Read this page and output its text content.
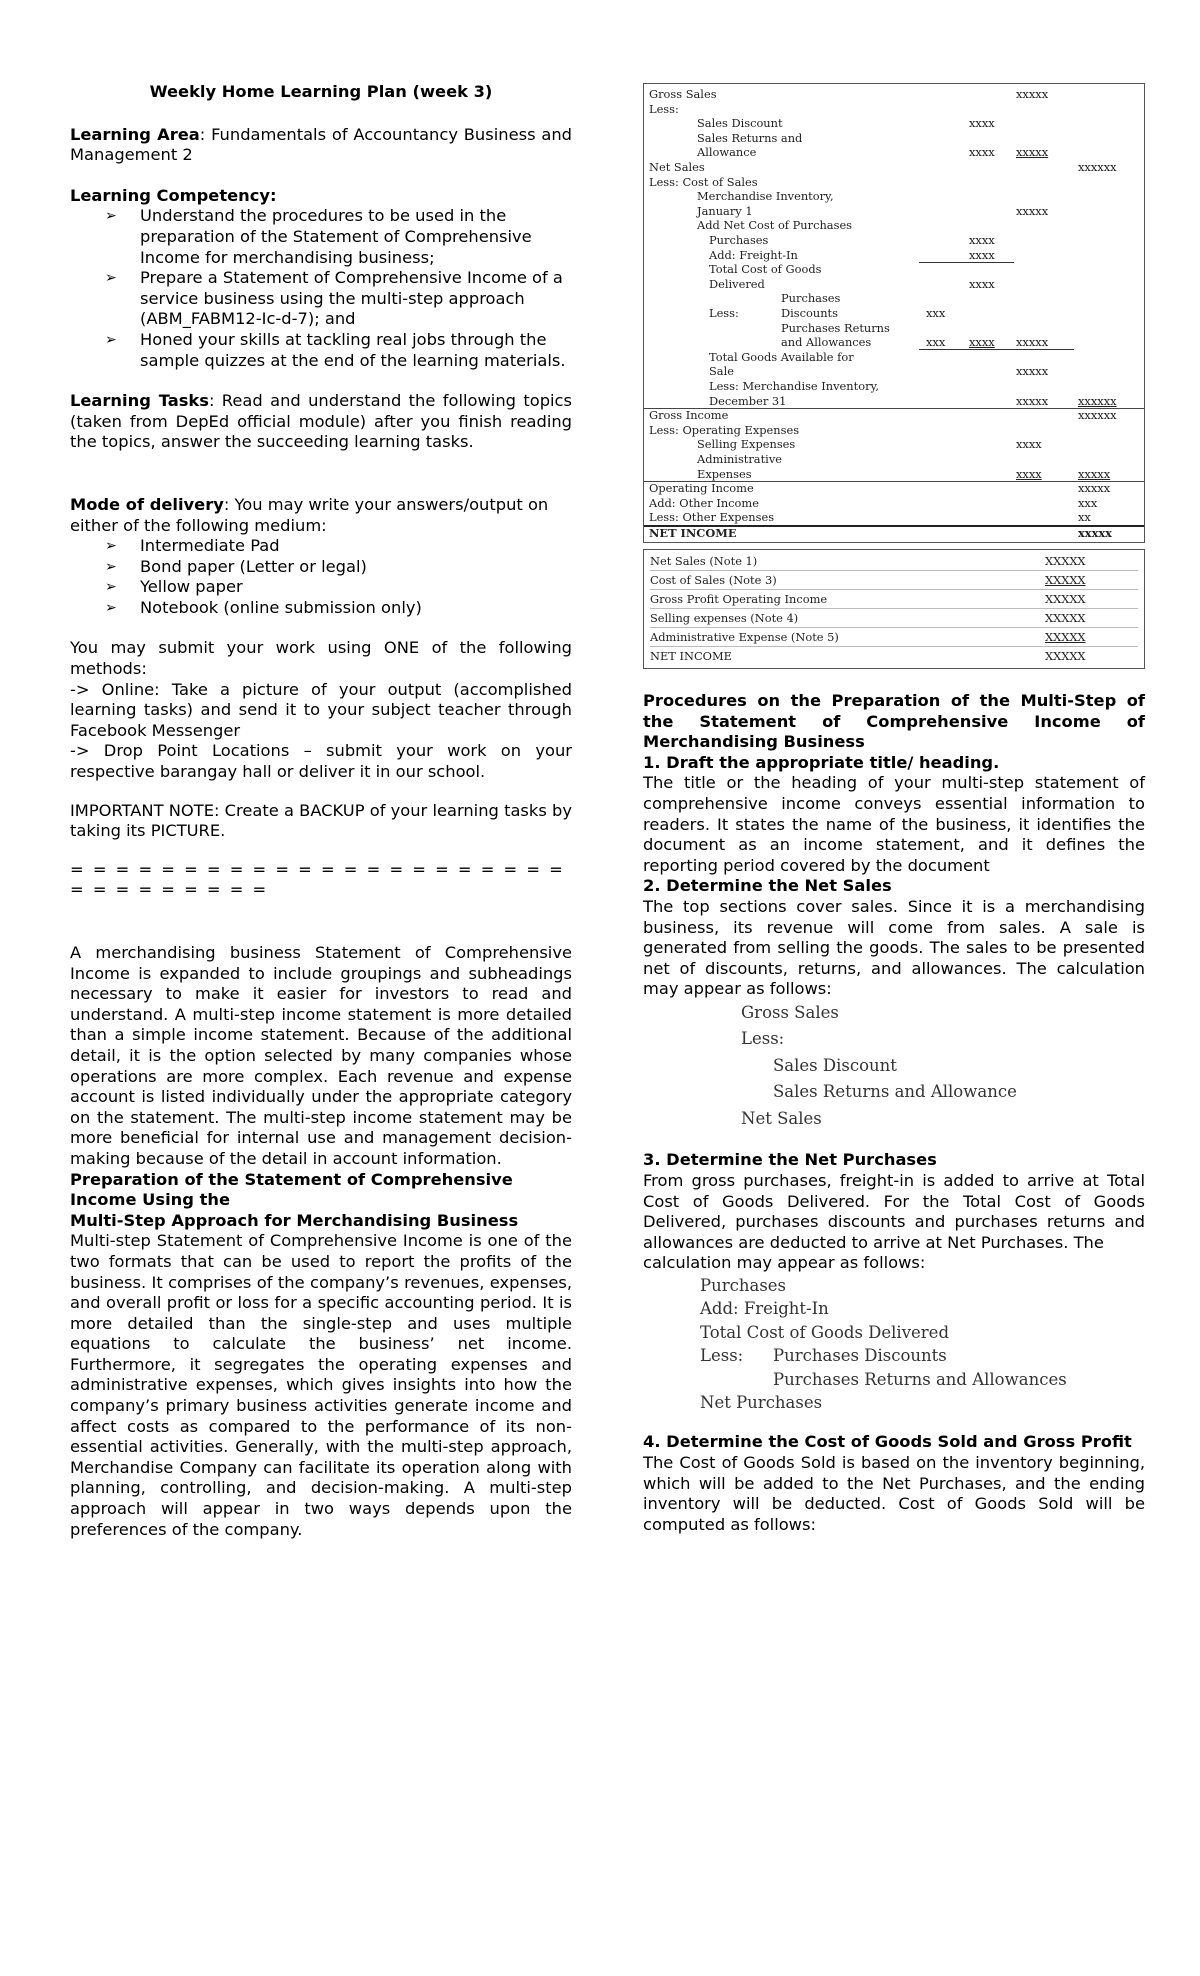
Weekly Home Learning Plan (week 3)

Learning Area: Fundamentals of Accountancy Business and Management 2

Learning Competency:
➢ Understand the procedures to be used in the preparation of the Statement of Comprehensive Income for merchandising business;
➢ Prepare a Statement of Comprehensive Income of a service business using the multi-step approach (ABM_FABM12-Ic-d-7); and
➢ Honed your skills at tackling real jobs through the sample quizzes at the end of the learning materials.

Learning Tasks: Read and understand the following topics (taken from DepEd official module) after you finish reading the topics, answer the succeeding learning tasks.

Mode of delivery: You may write your answers/output on either of the following medium:

➢ Intermediate Pad
➢ Bond paper (Letter or legal)
➢ Yellow paper
➢ Notebook (online submission only)

You may submit your work using ONE of the following methods:

-> Online: Take a picture of your output (accomplished learning tasks) and send it to your subject teacher through Facebook Messenger

-> Drop Point Locations – submit your work on your respective barangay hall or deliver it in our school.

IMPORTANT NOTE: Create a BACKUP of your learning tasks by taking its PICTURE.

= = = = = = = = = = = = = = = = = = = = = = = = = = = = = = =

A merchandising business Statement of Comprehensive Income is expanded to include groupings and subheadings necessary to make it easier for investors to read and understand. A multi-step income statement is more detailed than a simple income statement. Because of the additional detail, it is the option selected by many companies whose operations are more complex. Each revenue and expense account is listed individually under the appropriate category on the statement. The multi-step income statement may be more beneficial for internal use and management decision-making because of the detail in account information.

Preparation of the Statement of Comprehensive Income Using the
Multi-Step Approach for Merchandising Business

Multi-step Statement of Comprehensive Income is one of the two formats that can be used to report the profits of the business. It comprises of the company’s revenues, expenses, and overall profit or loss for a specific accounting period. It is more detailed than the single-step and uses multiple equations to calculate the business’ net income. Furthermore, it segregates the operating expenses and administrative expenses, which gives insights into how the company’s primary business activities generate income and affect costs as compared to the performance of its non-essential activities. Generally, with the multi-step approach, Merchandise Company can facilitate its operation along with planning, controlling, and decision-making. A multi-step approach will appear in two ways depends upon the preferences of the company.

Gross Sales	xxxxx
Less:
Sales Discount	xxxx
Sales Returns and
Allowance	xxxx xxxxx
Net Sales	xxxxxx
Less: Cost of Sales
Merchandise Inventory,
January 1	xxxxx
Add Net Cost of Purchases
Purchases	xxxx
Add: Freight-In	xxxx
Total Cost of Goods
Delivered	xxxx
Purchases
Less:	Discounts	xxx
Purchases Returns
and Allowances	xxx xxxx xxxxx
Total Goods Available for
Sale	xxxxx
Less: Merchandise Inventory,
December 31	xxxxx	xxxxxx
Gross Income	xxxxxx
Less: Operating Expenses
Selling Expenses	xxxx
Administrative
Expenses	xxxx	xxxxx
Operating Income	xxxxx
Add: Other Income	xxx
Less: Other Expenses	xx
NET INCOME	xxxxx
Net Sales (Note 1)	XXXXX
Cost of Sales (Note 3)	XXXXX
Gross Profit Operating Income	XXXXX
Selling expenses (Note 4)	XXXXX
Administrative Expense (Note 5)	XXXXX
NET INCOME	XXXXX

Procedures on the Preparation of the Multi-Step of the Statement of Comprehensive Income of Merchandising Business

1. Draft the appropriate title/ heading.

The title or the heading of your multi-step statement of comprehensive income conveys essential information to readers. It states the name of the business, it identifies the document as an income statement, and it defines the reporting period covered by the document

2. Determine the Net Sales

The top sections cover sales. Since it is a merchandising business, its revenue will come from sales. A sale is generated from selling the goods. The sales to be presented net of discounts, returns, and allowances. The calculation may appear as follows:

Gross Sales
Less:
Sales Discount
Sales Returns and Allowance
Net Sales
3. Determine the Net Purchases

From gross purchases, freight-in is added to arrive at Total Cost of Goods Delivered. For the Total Cost of Goods Delivered, purchases discounts and purchases returns and allowances are deducted to arrive at Net Purchases. The

calculation may appear as follows:

Purchases
Add: Freight-In
Total Cost of Goods Delivered
Less: Purchases Discounts
Purchases Returns and Allowances
Net Purchases

4. Determine the Cost of Goods Sold and Gross Profit

The Cost of Goods Sold is based on the inventory beginning, which will be added to the Net Purchases, and the ending inventory will be deducted. Cost of Goods Sold will be computed as follows:
